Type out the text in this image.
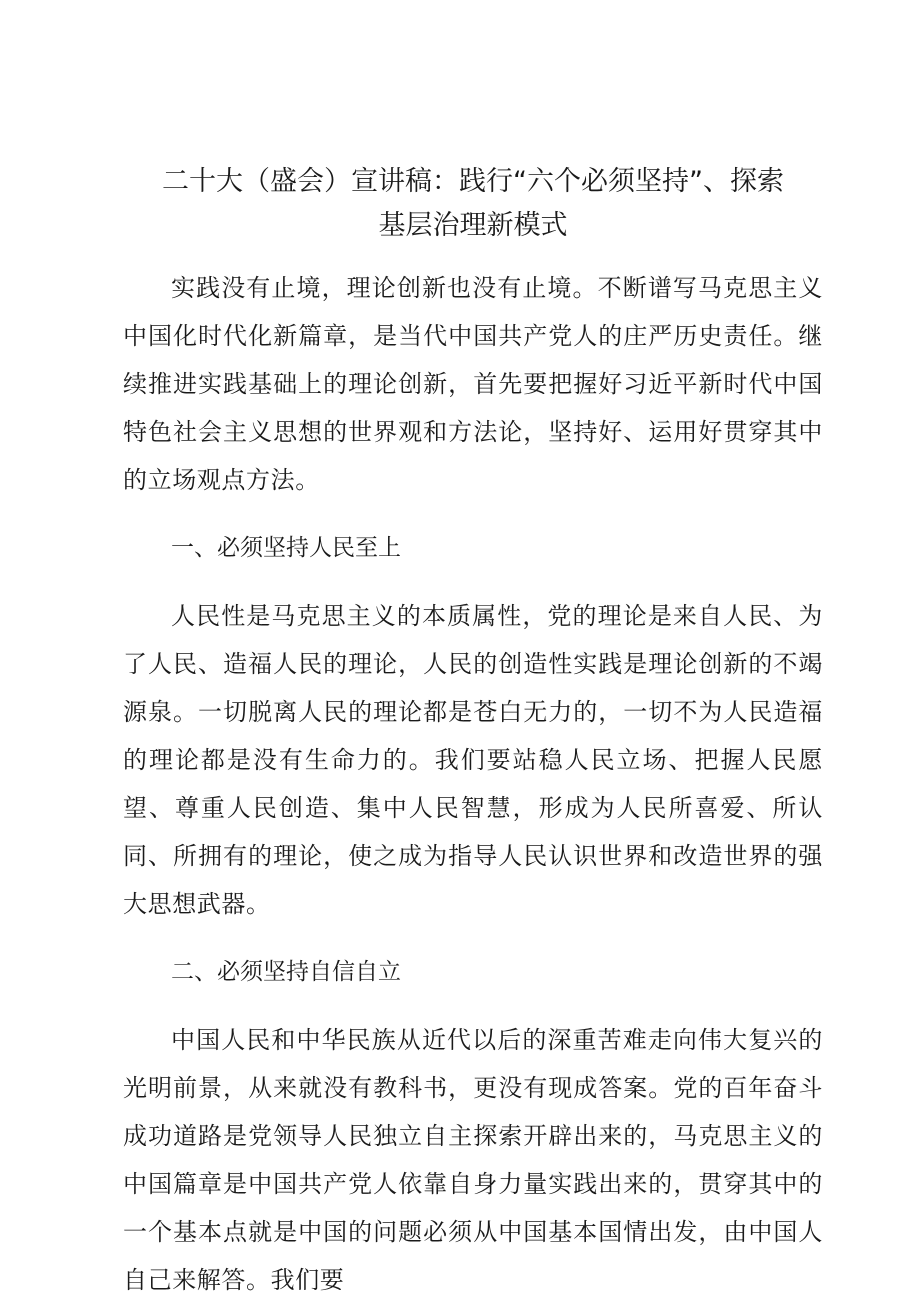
二十大（盛会）宣讲稿：践行“六个必须坚持”、探索
基层治理新模式

实践没有止境，理论创新也没有止境。不断谱写马克思主义中国化时代化新篇章，是当代中国共产党人的庄严历史责任。继续推进实践基础上的理论创新，首先要把握好习近平新时代中国特色社会主义思想的世界观和方法论，坚持好、运用好贯穿其中的立场观点方法。

一、必须坚持人民至上

人民性是马克思主义的本质属性，党的理论是来自人民、为了人民、造福人民的理论，人民的创造性实践是理论创新的不竭源泉。一切脱离人民的理论都是苍白无力的，一切不为人民造福的理论都是没有生命力的。我们要站稳人民立场、把握人民愿望、尊重人民创造、集中人民智慧，形成为人民所喜爱、所认同、所拥有的理论，使之成为指导人民认识世界和改造世界的强大思想武器。

二、必须坚持自信自立

中国人民和中华民族从近代以后的深重苦难走向伟大复兴的光明前景，从来就没有教科书，更没有现成答案。党的百年奋斗成功道路是党领导人民独立自主探索开辟出来的，马克思主义的中国篇章是中国共产党人依靠自身力量实践出来的，贯穿其中的一个基本点就是中国的问题必须从中国基本国情出发，由中国人自己来解答。我们要
